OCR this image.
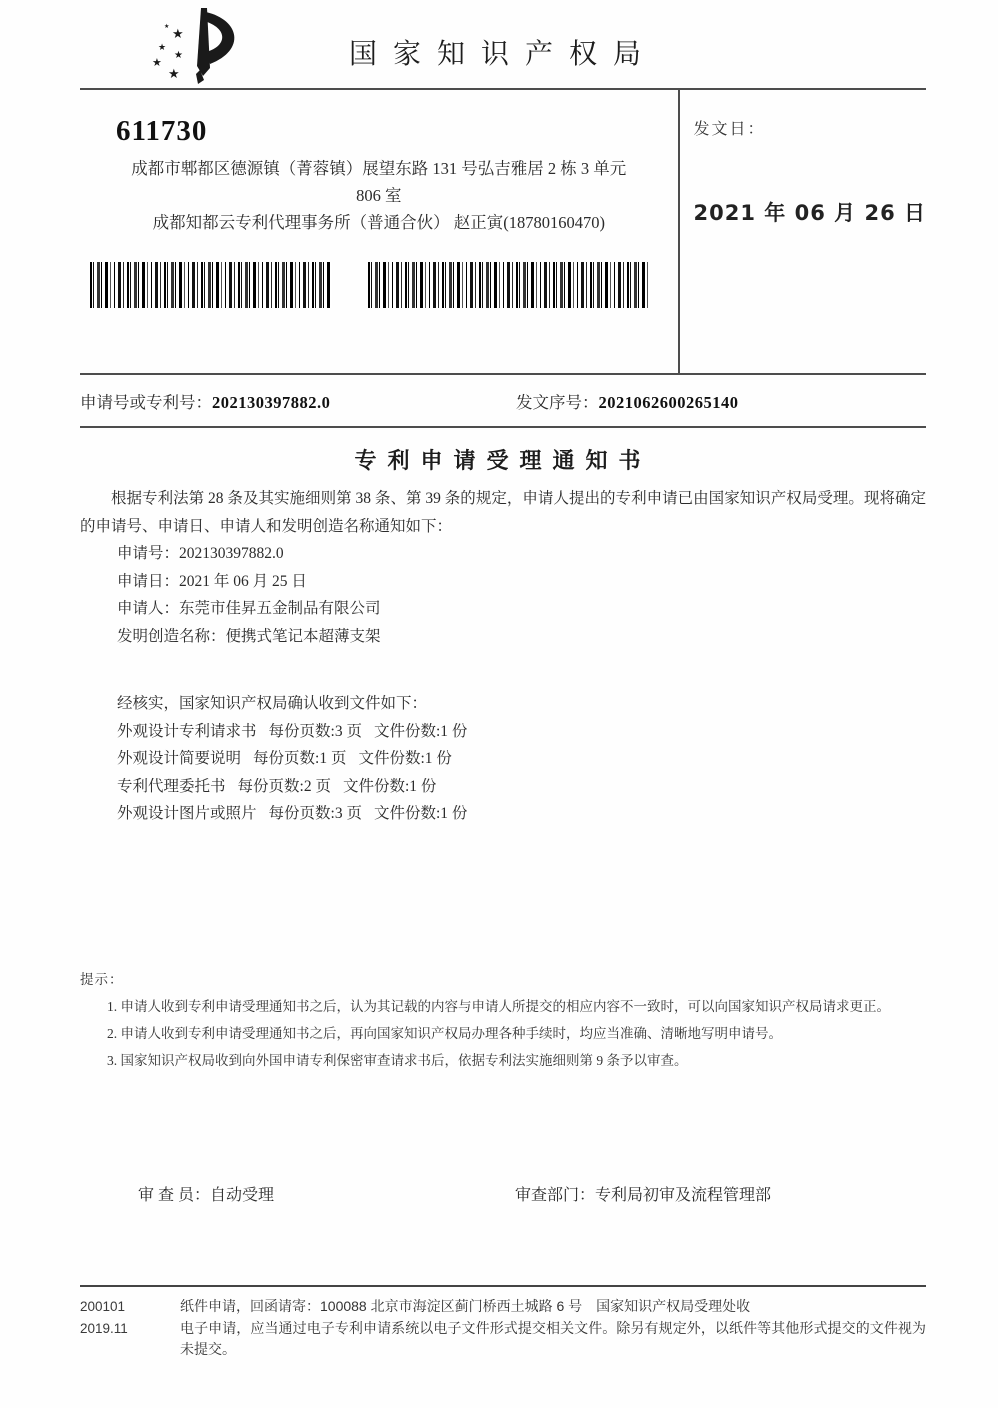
★
★
★
★
★
★
国家知识产权局
611730
成都市郫都区德源镇（菁蓉镇）展望东路 131 号弘吉雅居 2 栋 3 单元
806 室
成都知都云专利代理事务所（普通合伙） 赵正寅(18780160470)
发文日：
2021 年 06 月 26 日
申请号或专利号：202130397882.0	发文序号：2021062600265140
专利申请受理通知书
根据专利法第 28 条及其实施细则第 38 条、第 39 条的规定，申请人提出的专利申请已由国家知识产权局受理。现将确定的申请号、申请日、申请人和发明创造名称通知如下：
申请号：202130397882.0
申请日：2021 年 06 月 25 日
申请人：东莞市佳昇五金制品有限公司
发明创造名称：便携式笔记本超薄支架
经核实，国家知识产权局确认收到文件如下：
外观设计专利请求书 每份页数:3 页 文件份数:1 份
外观设计简要说明 每份页数:1 页 文件份数:1 份
专利代理委托书 每份页数:2 页 文件份数:1 份
外观设计图片或照片 每份页数:3 页 文件份数:1 份
提示：
1. 申请人收到专利申请受理通知书之后，认为其记载的内容与申请人所提交的相应内容不一致时，可以向国家知识产权局请求更正。
2. 申请人收到专利申请受理通知书之后，再向国家知识产权局办理各种手续时，均应当准确、清晰地写明申请号。
3. 国家知识产权局收到向外国申请专利保密审查请求书后，依据专利法实施细则第 9 条予以审查。
审 查 员：自动受理	审查部门：专利局初审及流程管理部
200101
2019.11
纸件申请，回函请寄：100088 北京市海淀区蓟门桥西土城路 6 号　国家知识产权局受理处收
电子申请，应当通过电子专利申请系统以电子文件形式提交相关文件。除另有规定外，以纸件等其他形式提交的文件视为未提交。
